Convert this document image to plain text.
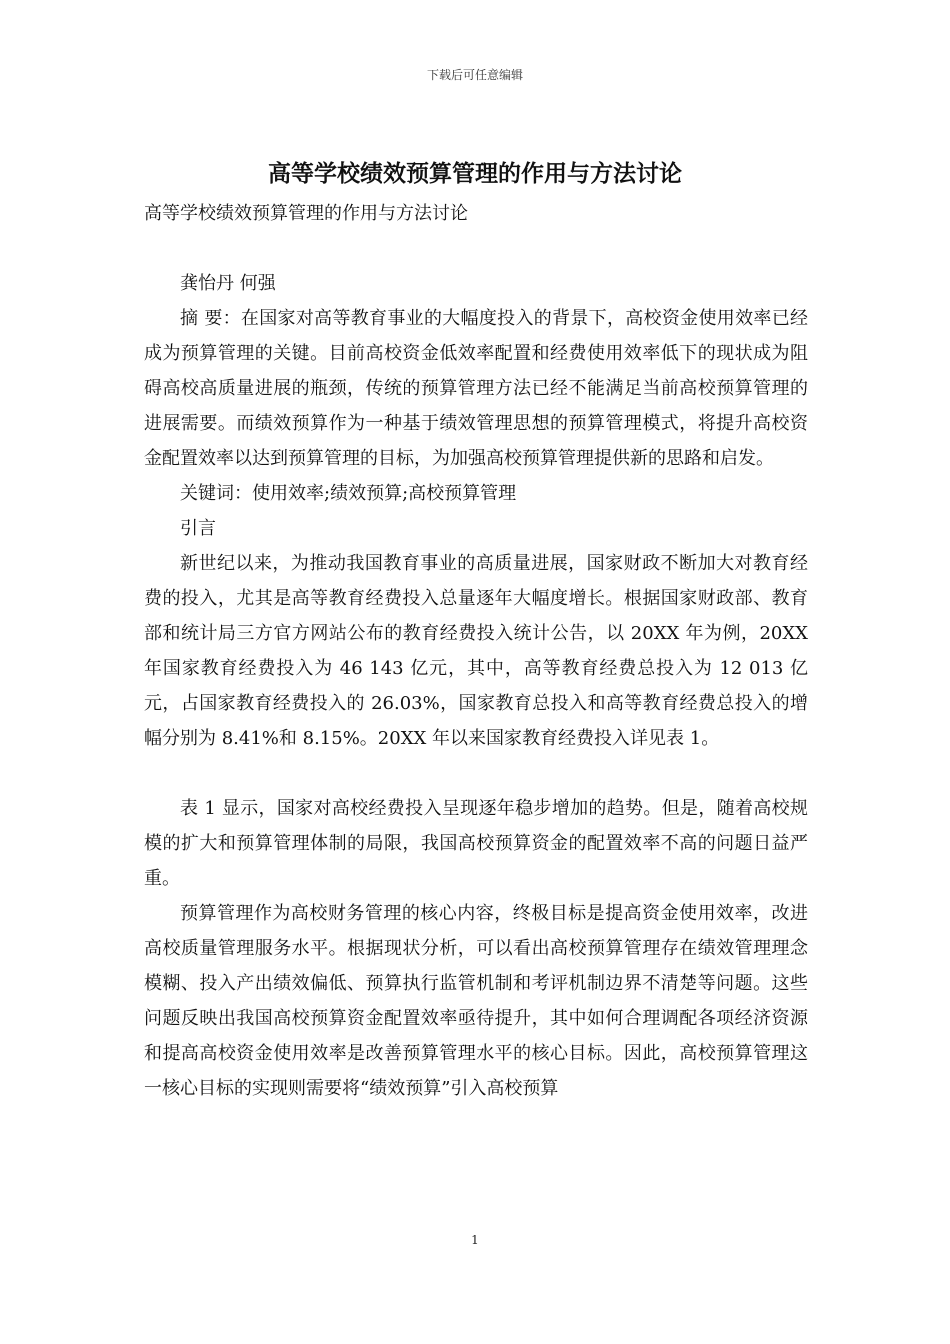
下载后可任意编辑
高等学校绩效预算管理的作用与方法讨论

高等学校绩效预算管理的作用与方法讨论

龚怡丹 何强

摘 要：在国家对高等教育事业的大幅度投入的背景下，高校资金使用效率已经成为预算管理的关键。目前高校资金低效率配置和经费使用效率低下的现状成为阻碍高校高质量进展的瓶颈，传统的预算管理方法已经不能满足当前高校预算管理的进展需要。而绩效预算作为一种基于绩效管理思想的预算管理模式，将提升高校资金配置效率以达到预算管理的目标，为加强高校预算管理提供新的思路和启发。

关键词：使用效率;绩效预算;高校预算管理

引言

新世纪以来，为推动我国教育事业的高质量进展，国家财政不断加大对教育经费的投入，尤其是高等教育经费投入总量逐年大幅度增长。根据国家财政部、教育部和统计局三方官方网站公布的教育经费投入统计公告，以 20XX 年为例，20XX 年国家教育经费投入为 46 143 亿元，其中，高等教育经费总投入为 12 013 亿元，占国家教育经费投入的 26.03%，国家教育总投入和高等教育经费总投入的增幅分别为 8.41%和 8.15%。20XX 年以来国家教育经费投入详见表 1。

表 1 显示，国家对高校经费投入呈现逐年稳步增加的趋势。但是，随着高校规模的扩大和预算管理体制的局限，我国高校预算资金的配置效率不高的问题日益严重。

预算管理作为高校财务管理的核心内容，终极目标是提高资金使用效率，改进高校质量管理服务水平。根据现状分析，可以看出高校预算管理存在绩效管理理念模糊、投入产出绩效偏低、预算执行监管机制和考评机制边界不清楚等问题。这些问题反映出我国高校预算资金配置效率亟待提升，其中如何合理调配各项经济资源和提高高校资金使用效率是改善预算管理水平的核心目标。因此，高校预算管理这一核心目标的实现则需要将“绩效预算”引入高校预算

1
